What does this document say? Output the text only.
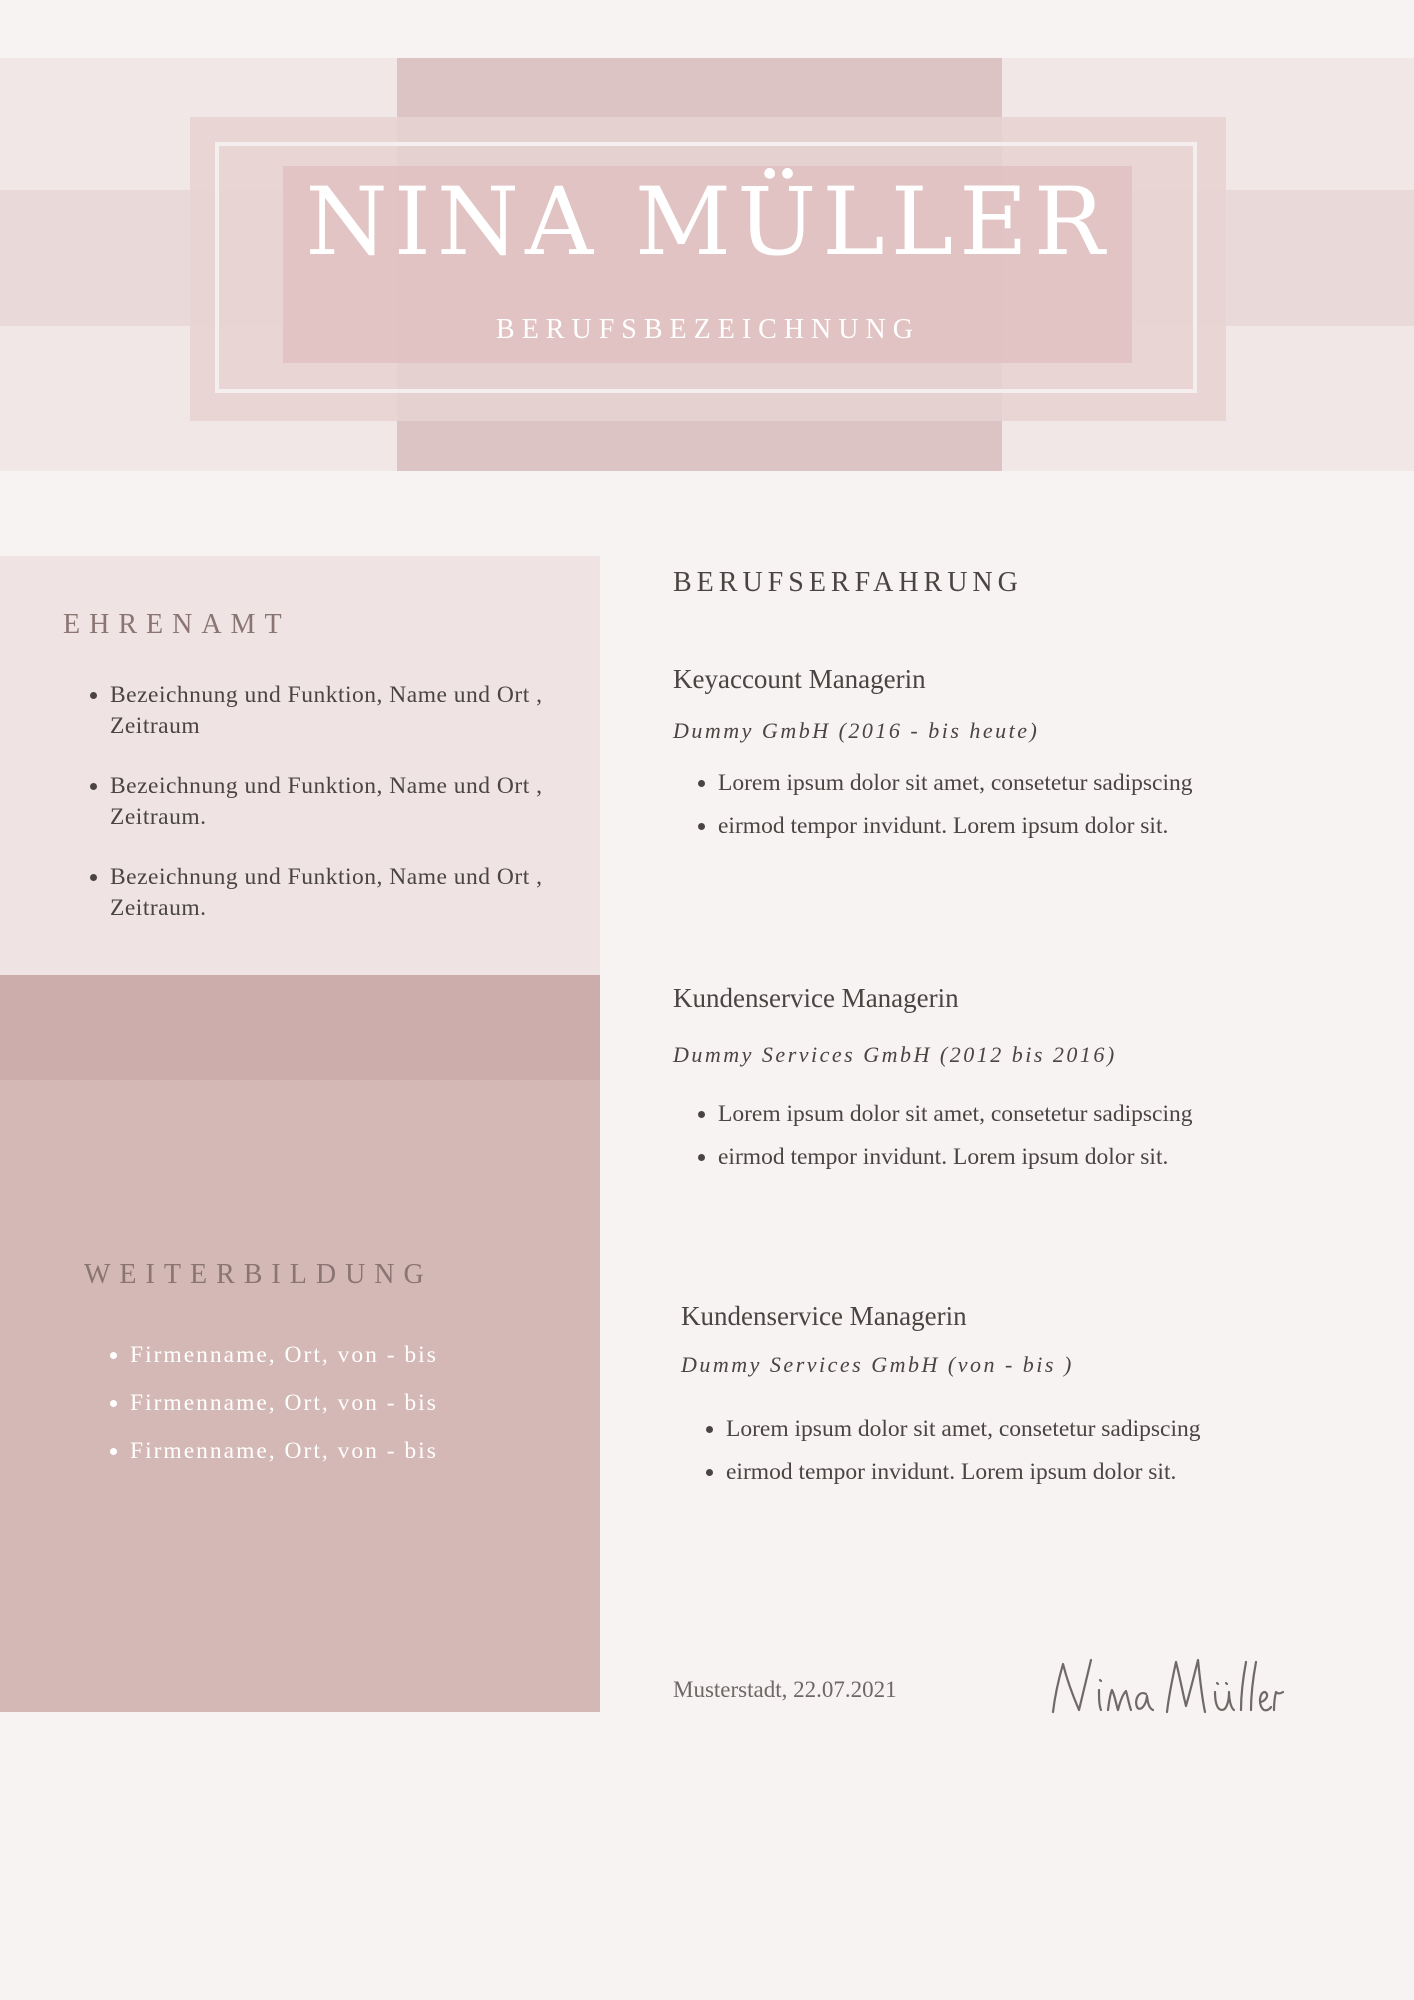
NINA MÜLLER
BERUFSBEZEICHNUNG
EHRENAMT
• Bezeichnung und Funktion, Name und Ort , Zeitraum
• Bezeichnung und Funktion, Name und Ort , Zeitraum.
• Bezeichnung und Funktion, Name und Ort , Zeitraum.
WEITERBILDUNG
• Firmenname, Ort, von - bis
• Firmenname, Ort, von - bis
• Firmenname, Ort, von - bis
BERUFSERFAHRUNG
Keyaccount Managerin
Dummy GmbH (2016 - bis heute)
• Lorem ipsum dolor sit amet, consetetur sadipscing
• eirmod tempor invidunt. Lorem ipsum dolor sit.
Kundenservice Managerin
Dummy Services GmbH (2012 bis 2016)
• Lorem ipsum dolor sit amet, consetetur sadipscing
• eirmod tempor invidunt. Lorem ipsum dolor sit.
Kundenservice Managerin
Dummy Services GmbH (von - bis )
• Lorem ipsum dolor sit amet, consetetur sadipscing
• eirmod tempor invidunt. Lorem ipsum dolor sit.
Musterstadt, 22.07.2021
